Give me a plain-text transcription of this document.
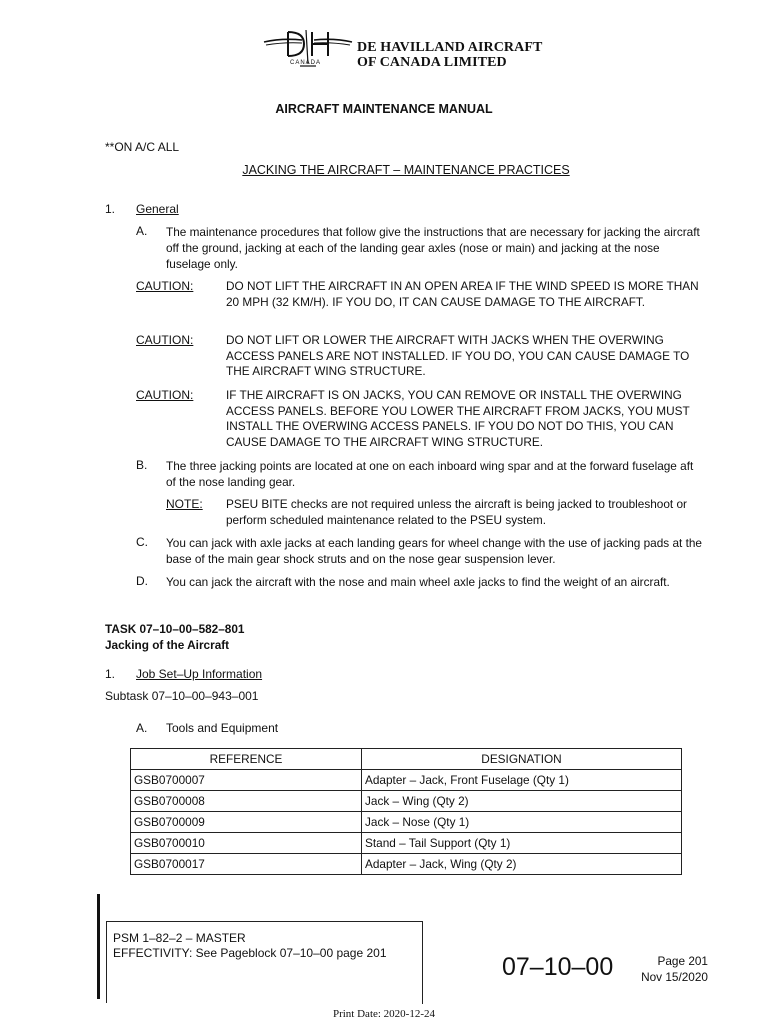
CANADA
DE HAVILLAND AIRCRAFT
OF CANADA LIMITED
AIRCRAFT MAINTENANCE MANUAL
**ON A/C ALL
JACKING THE AIRCRAFT – MAINTENANCE PRACTICES
1. General
A. The maintenance procedures that follow give the instructions that are necessary for jacking the aircraft off the ground, jacking at each of the landing gear axles (nose or main) and jacking at the nose fuselage only.
CAUTION:	DO NOT LIFT THE AIRCRAFT IN AN OPEN AREA IF THE WIND SPEED IS MORE THAN 20 MPH (32 KM/H). IF YOU DO, IT CAN CAUSE DAMAGE TO THE AIRCRAFT.
CAUTION:	DO NOT LIFT OR LOWER THE AIRCRAFT WITH JACKS WHEN THE OVERWING ACCESS PANELS ARE NOT INSTALLED. IF YOU DO, YOU CAN CAUSE DAMAGE TO THE AIRCRAFT WING STRUCTURE.
CAUTION:	IF THE AIRCRAFT IS ON JACKS, YOU CAN REMOVE OR INSTALL THE OVERWING ACCESS PANELS. BEFORE YOU LOWER THE AIRCRAFT FROM JACKS, YOU MUST INSTALL THE OVERWING ACCESS PANELS. IF YOU DO NOT DO THIS, YOU CAN CAUSE DAMAGE TO THE AIRCRAFT WING STRUCTURE.
B. The three jacking points are located at one on each inboard wing spar and at the forward fuselage aft of the nose landing gear.
NOTE: PSEU BITE checks are not required unless the aircraft is being jacked to troubleshoot or perform scheduled maintenance related to the PSEU system.
C. You can jack with axle jacks at each landing gears for wheel change with the use of jacking pads at the base of the main gear shock struts and on the nose gear suspension lever.
D. You can jack the aircraft with the nose and main wheel axle jacks to find the weight of an aircraft.
TASK 07–10–00–582–801
Jacking of the Aircraft
1. Job Set–Up Information
Subtask 07–10–00–943–001
A. Tools and Equipment
REFERENCE	DESIGNATION
GSB0700007	Adapter – Jack, Front Fuselage (Qty 1)
GSB0700008	Jack – Wing (Qty 2)
GSB0700009	Jack – Nose (Qty 1)
GSB0700010	Stand – Tail Support (Qty 1)
GSB0700017	Adapter – Jack, Wing (Qty 2)
PSM 1–82–2 – MASTER
EFFECTIVITY: See Pageblock 07–10–00 page 201	07–10–00	Page 201
Nov 15/2020
Print Date: 2020-12-24
